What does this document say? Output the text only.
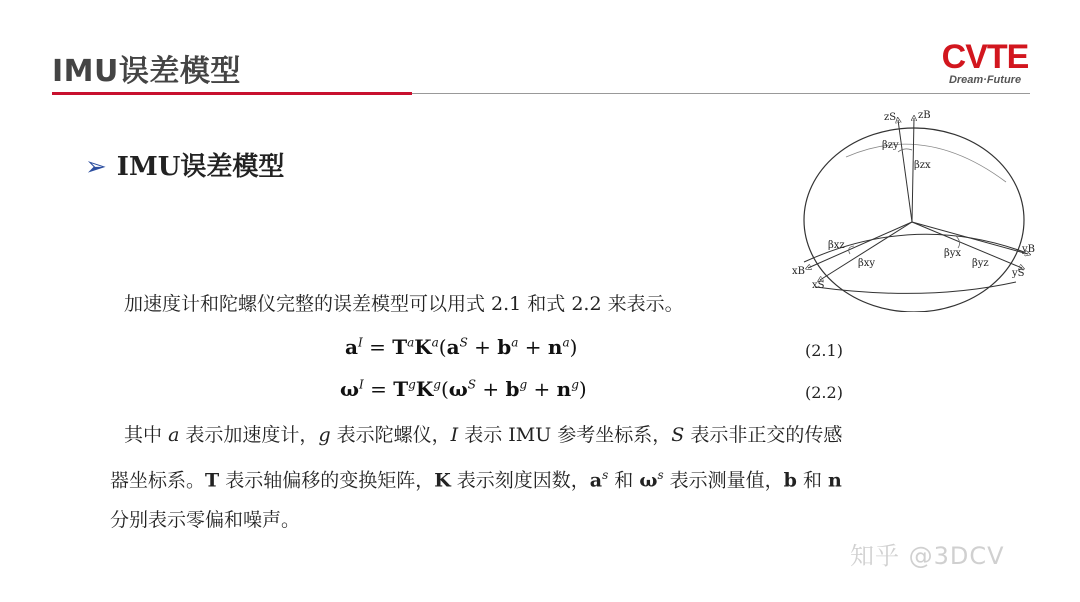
IMU误差模型	CVTE
Dream·Future
➢ IMU误差模型
zS zB
βzy
βzx
βxz
βxy
βyx
βyz
xB
xS
yB
yS
加速度计和陀螺仪完整的误差模型可以用式 2.1 和式 2.2 来表示。
$a^I = T^aK^a(a^S + b^a + n^a)$	(2.1)
$\omega^I = T^gK^g(\omega^S + b^g + n^g)$	(2.2)
其中 a 表示加速度计，g 表示陀螺仪，I 表示 IMU 参考坐标系，S 表示非正交的传感器坐标系。T 表示轴偏移的变换矩阵，K 表示刻度因数，$a^s$ 和 $\omega^s$ 表示测量值，b 和 n 分别表示零偏和噪声。
知乎 @3DCV
